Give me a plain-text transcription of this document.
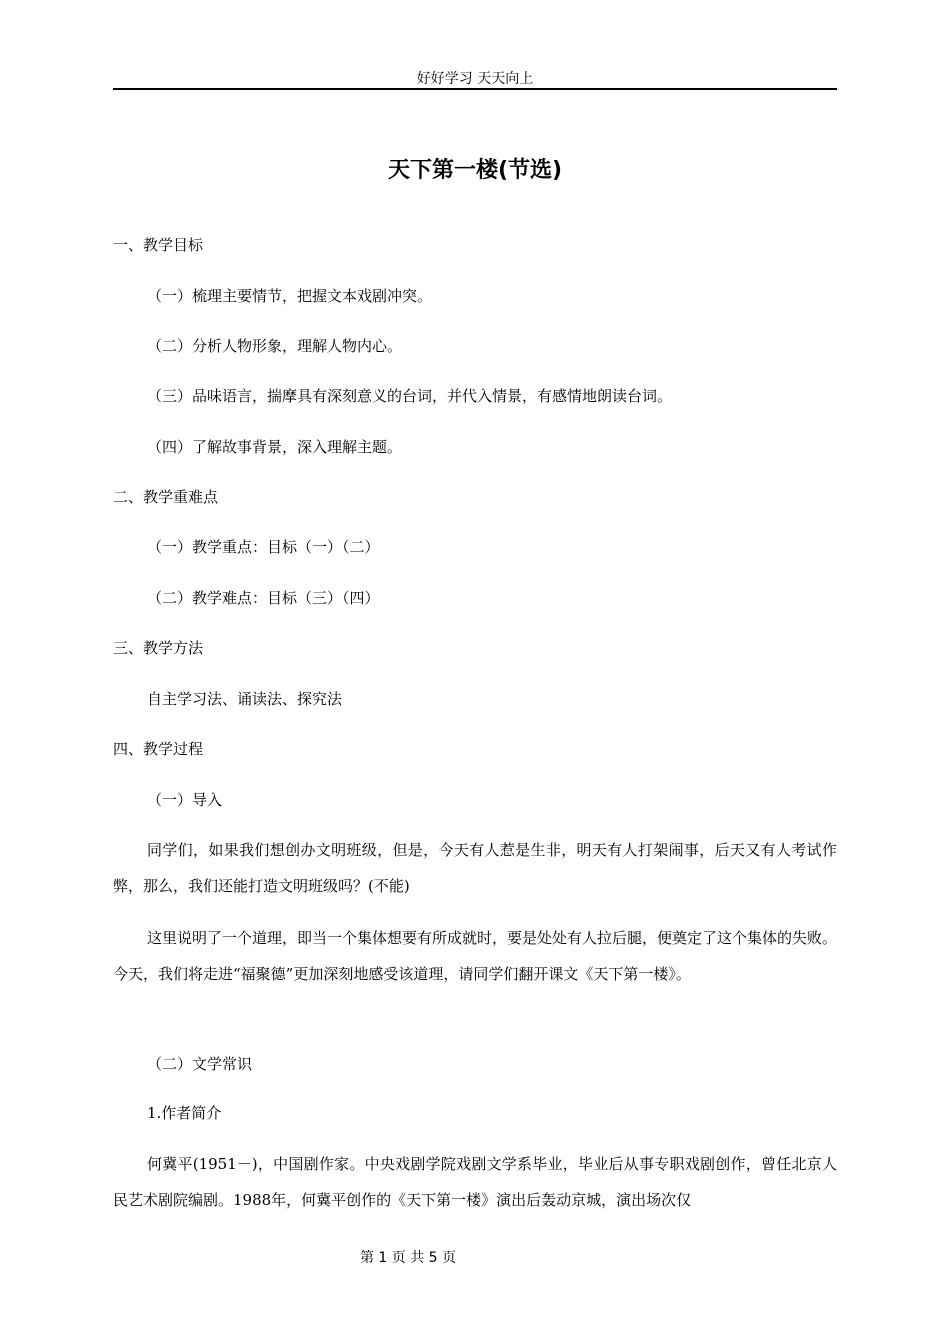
好好学习 天天向上
天下第一楼(节选)
一、教学目标
（一）梳理主要情节，把握文本戏剧冲突。
（二）分析人物形象，理解人物内心。
（三）品味语言，揣摩具有深刻意义的台词，并代入情景，有感情地朗读台词。
（四）了解故事背景，深入理解主题。
二、教学重难点
（一）教学重点：目标（一）（二）
（二）教学难点：目标（三）（四）
三、教学方法
自主学习法、诵读法、探究法
四、教学过程
（一）导入
同学们，如果我们想创办文明班级，但是，今天有人惹是生非，明天有人打架闹事，后天又有人考试作弊，那么，我们还能打造文明班级吗？(不能)
这里说明了一个道理，即当一个集体想要有所成就时，要是处处有人拉后腿，便奠定了这个集体的失败。今天，我们将走进“福聚德”更加深刻地感受该道理，请同学们翻开课文《天下第一楼》。
（二）文学常识
1.作者简介
何冀平(1951－)，中国剧作家。中央戏剧学院戏剧文学系毕业，毕业后从事专职戏剧创作，曾任北京人民艺术剧院编剧。1988年，何冀平创作的《天下第一楼》演出后轰动京城，演出场次仅
第 1 页 共 5 页
